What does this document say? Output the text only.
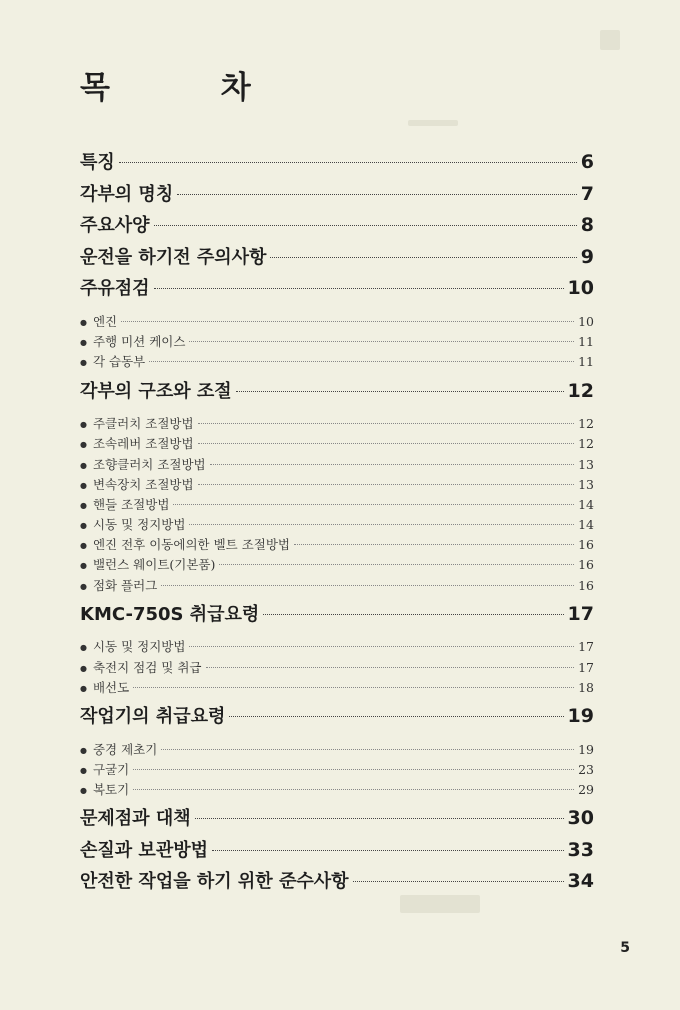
목 차
특징	6
각부의 명칭	7
주요사양	8
운전을 하기전 주의사항	9
주유점검	10
● 엔진	10
● 주행 미션 케이스	11
● 각 습동부	11
각부의 구조와 조절	12
● 주클러치 조절방법	12
● 조속레버 조절방법	12
● 조향클러치 조절방법	13
● 변속장치 조절방법	13
● 핸들 조절방법	14
● 시동 및 정지방법	14
● 엔진 전후 이동에의한 벨트 조절방법	16
● 밸런스 웨이트(기본품)	16
● 점화 플러그	16
KMC-750S 취급요령	17
● 시동 및 정지방법	17
● 축전지 점검 및 취급	17
● 배선도	18
작업기의 취급요령	19
● 중경 제초기	19
● 구굴기	23
● 복토기	29
문제점과 대책	30
손질과 보관방법	33
안전한 작업을 하기 위한 준수사항	34
5
